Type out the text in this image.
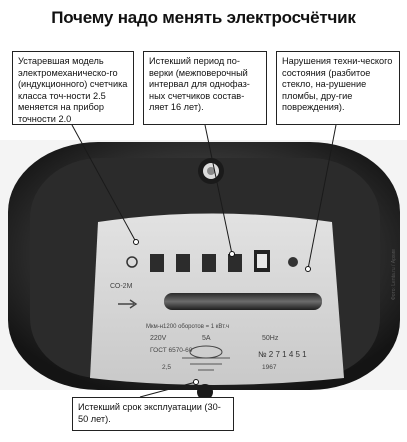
СО-2М
Мкм-н1200 оборотов = 1 кВт.ч
220V	5А	50Hz
ГОСТ 6570-60	№ 2 7 1 4 5 1
1967
2,5
Почему надо менять электросчётчик
Устаревшая модель электромеханическо-го (индукционного) счетчика класса точ-ности 2.5 меняется на прибор точности 2.0
Истекший период по-верки (межповерочный интервал для однофаз-ных счетчиков состав-ляет 16 лет).
Нарушения техни-ческого состояния (разбитое стекло, на-рушение пломбы, дру-гие повреждения).
Истекший срок эксплуатации (30-50 лет).
Фото: Lenta.ru / Архив
